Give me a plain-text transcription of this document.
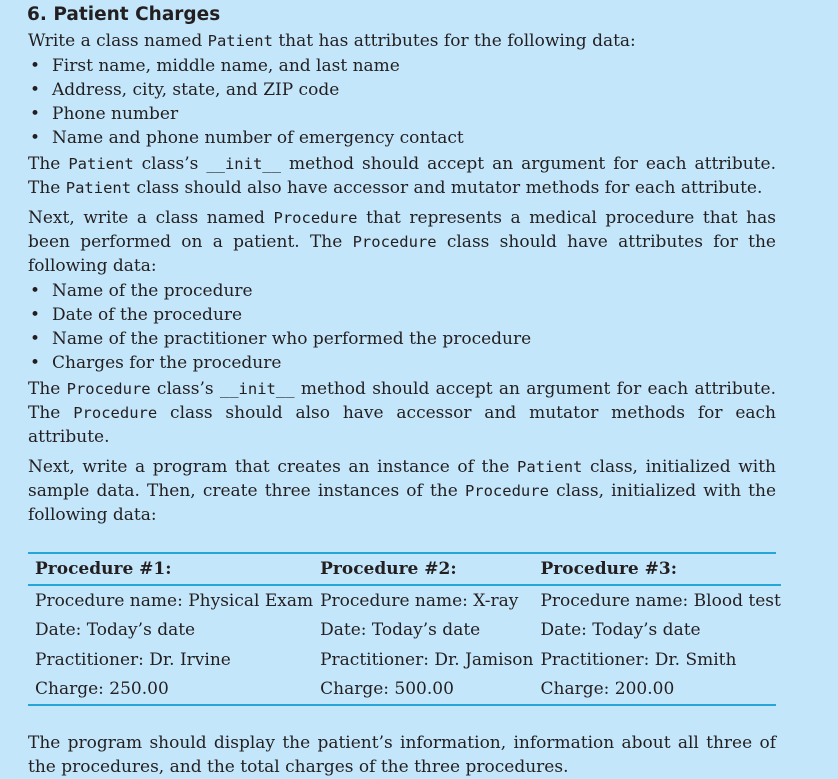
6. Patient Charges

Write a class named Patient that has attributes for the following data:

• First name, middle name, and last name
• Address, city, state, and ZIP code
• Phone number
• Name and phone number of emergency contact

The Patient class’s __init__ method should accept an argument for each attribute. The Patient class should also have accessor and mutator methods for each attribute.

Next, write a class named Procedure that represents a medical procedure that has been performed on a patient. The Procedure class should have attributes for the following data:

• Name of the procedure
• Date of the procedure
• Name of the practitioner who performed the procedure
• Charges for the procedure

The Procedure class’s __init__ method should accept an argument for each attribute. The Procedure class should also have accessor and mutator methods for each attribute.

Next, write a program that creates an instance of the Patient class, initialized with sample data. Then, create three instances of the Procedure class, initialized with the following data:

Procedure #1:	Procedure #2:	Procedure #3:
Procedure name: Physical Exam	Procedure name: X-ray	Procedure name: Blood test
Date: Today’s date	Date: Today’s date	Date: Today’s date
Practitioner: Dr. Irvine	Practitioner: Dr. Jamison	Practitioner: Dr. Smith
Charge: 250.00	Charge: 500.00	Charge: 200.00

The program should display the patient’s information, information about all three of the procedures, and the total charges of the three procedures.
